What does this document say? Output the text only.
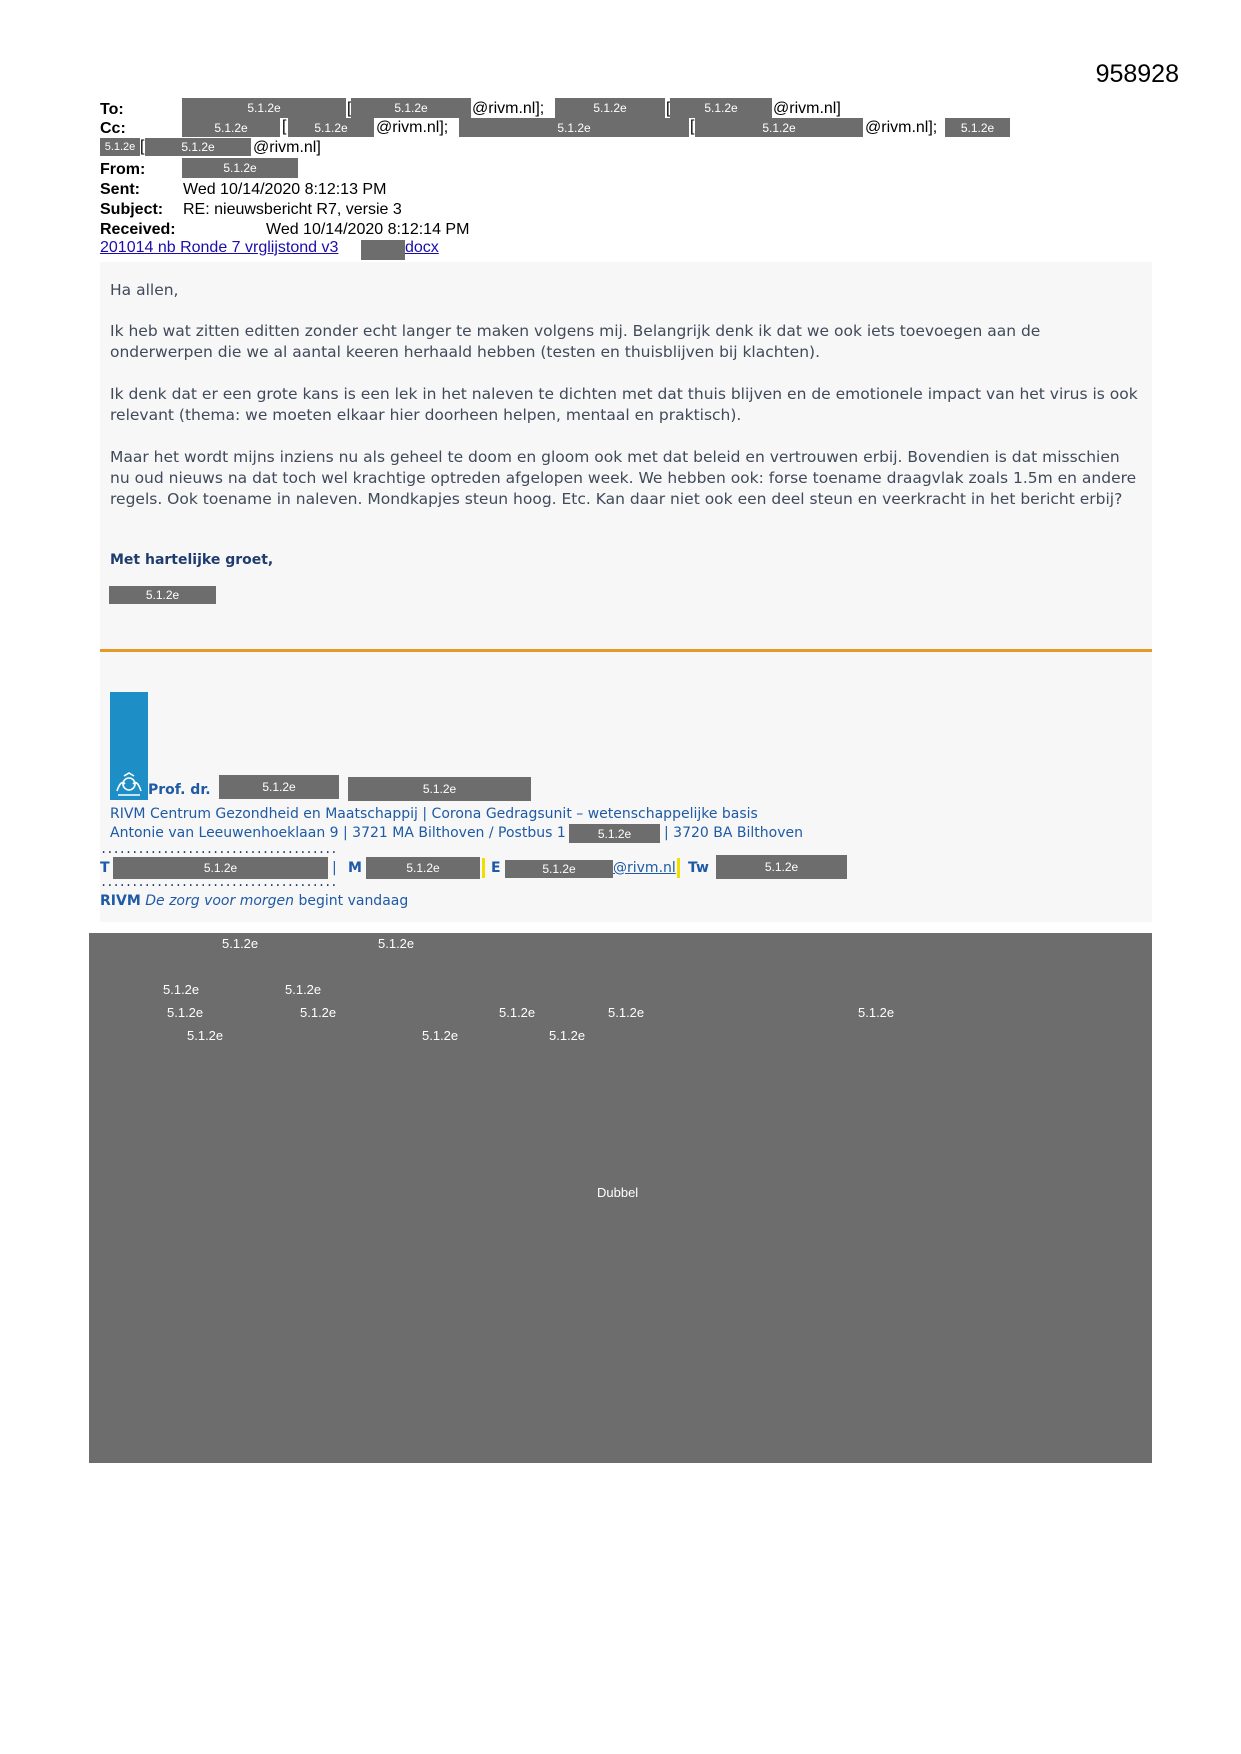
958928
To:	5.1.2e	[	5.1.2e	@rivm.nl];	5.1.2e	[	5.1.2e	@rivm.nl]
Cc:	5.1.2e	[	5.1.2e	@rivm.nl];	5.1.2e	[	5.1.2e	@rivm.nl];	5.1.2e
5.1.2e [	5.1.2e	@rivm.nl]
From:	5.1.2e
Sent:	Wed 10/14/2020 8:12:13 PM
Subject: RE: nieuwsbericht R7, versie 3
Received:	Wed 10/14/2020 8:12:14 PM
201014 nb Ronde 7 vrglijstond v3	docx

Ha allen,

Ik heb wat zitten editten zonder echt langer te maken volgens mij. Belangrijk denk ik dat we ook iets toevoegen aan de onderwerpen die we al aantal keeren herhaald hebben (testen en thuisblijven bij klachten).

Ik denk dat er een grote kans is een lek in het naleven te dichten met dat thuis blijven en de emotionele impact van het virus is ook relevant (thema: we moeten elkaar hier doorheen helpen, mentaal en praktisch).

Maar het wordt mijns inziens nu als geheel te doom en gloom ook met dat beleid en vertrouwen erbij. Bovendien is dat misschien nu oud nieuws na dat toch wel krachtige optreden afgelopen week. We hebben ook: forse toename draagvlak zoals 1.5m en andere regels. Ook toename in naleven. Mondkapjes steun hoog. Etc. Kan daar niet ook een deel steun en veerkracht in het bericht erbij?

Met hartelijke groet,

5.1.2e
Prof. dr.	5.1.2e	5.1.2e
RIVM Centrum Gezondheid en Maatschappij | Corona Gedragsunit – wetenschappelijke basis
Antonie van Leeuwenhoeklaan 9 | 3721 MA Bilthoven / Postbus 1	5.1.2e	| 3720 BA Bilthoven
......................................
T	5.1.2e	| M	5.1.2e	E	5.1.2e	@rivm.nl Tw	5.1.2e
......................................
RIVM De zorg voor morgen begint vandaag
5.1.2e	5.1.2e
5.1.2e	5.1.2e
5.1.2e	5.1.2e	5.1.2e	5.1.2e	5.1.2e
5.1.2e	5.1.2e	5.1.2e
Dubbel
